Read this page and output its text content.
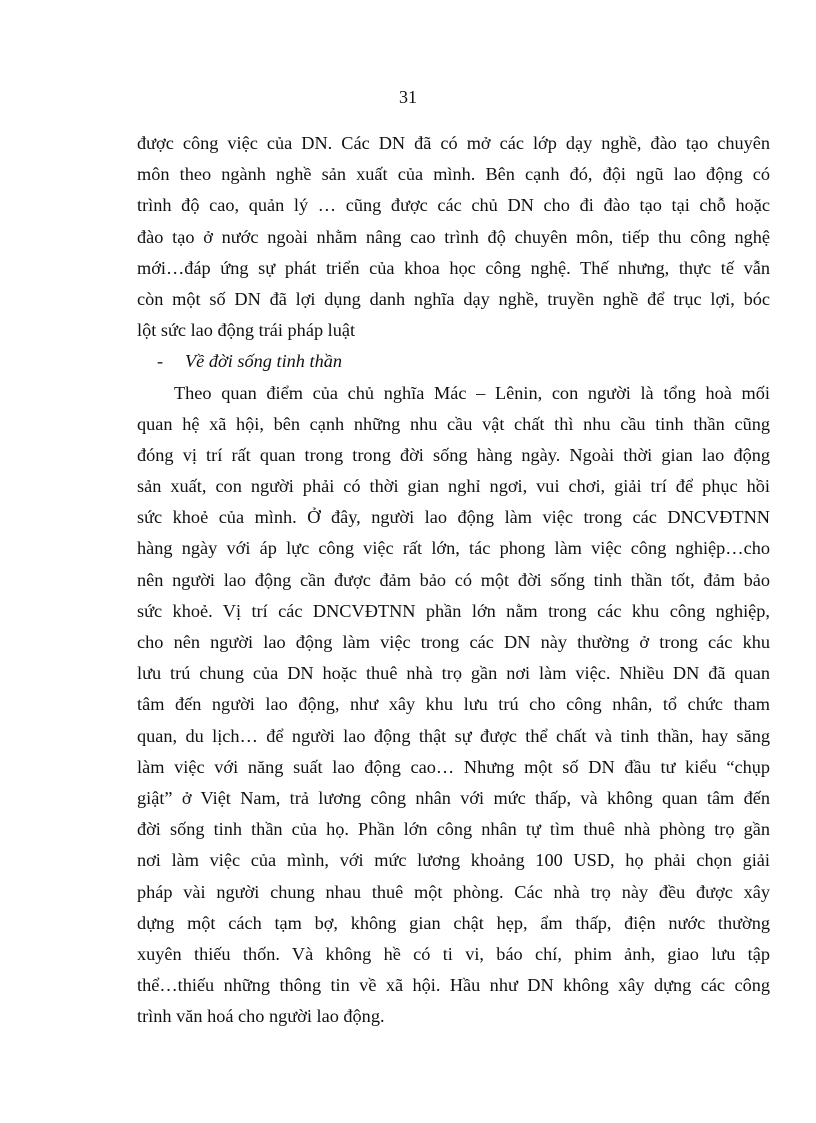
31
được công việc của DN. Các DN đã có mở các lớp dạy nghề, đào tạo chuyên
môn theo ngành nghề sản xuất của mình. Bên cạnh đó, đội ngũ lao động có
trình độ cao, quản lý … cũng được các chủ DN cho đi đào tạo tại chỗ hoặc
đào tạo ở nước ngoài nhằm nâng cao trình độ chuyên môn, tiếp thu công nghệ
mới…đáp ứng sự phát triển của khoa học công nghệ. Thế nhưng, thực tế vẫn
còn một số DN đã lợi dụng danh nghĩa dạy nghề, truyền nghề để trục lợi, bóc
lột sức lao động trái pháp luật
- Về đời sống tinh thần
Theo quan điểm của chủ nghĩa Mác – Lênin, con người là tổng hoà mối
quan hệ xã hội, bên cạnh những nhu cầu vật chất thì nhu cầu tinh thần cũng
đóng vị trí rất quan trong trong đời sống hàng ngày. Ngoài thời gian lao động
sản xuất, con người phải có thời gian nghỉ ngơi, vui chơi, giải trí để phục hồi
sức khoẻ của mình. Ở đây, người lao động làm việc trong các DNCVĐTNN
hàng ngày với áp lực công việc rất lớn, tác phong làm việc công nghiệp…cho
nên người lao động cần được đảm bảo có một đời sống tinh thần tốt, đảm bảo
sức khoẻ. Vị trí các DNCVĐTNN phần lớn nằm trong các khu công nghiệp,
cho nên người lao động làm việc trong các DN này thường ở trong các khu
lưu trú chung của DN hoặc thuê nhà trọ gần nơi làm việc. Nhiều DN đã quan
tâm đến người lao động, như xây khu lưu trú cho công nhân, tổ chức tham
quan, du lịch… để người lao động thật sự được thể chất và tinh thần, hay săng
làm việc với năng suất lao động cao… Nhưng một số DN đầu tư kiểu “chụp
giật” ở Việt Nam, trả lương công nhân với mức thấp, và không quan tâm đến
đời sống tinh thần của họ. Phần lớn công nhân tự tìm thuê nhà phòng trọ gần
nơi làm việc của mình, với mức lương khoảng 100 USD, họ phải chọn giải
pháp vài người chung nhau thuê một phòng. Các nhà trọ này đều được xây
dựng một cách tạm bợ, không gian chật hẹp, ẩm thấp, điện nước thường
xuyên thiếu thốn. Và không hề có ti vi, báo chí, phim ảnh, giao lưu tập
thể…thiếu những thông tin về xã hội. Hầu như DN không xây dựng các công
trình văn hoá cho người lao động.
